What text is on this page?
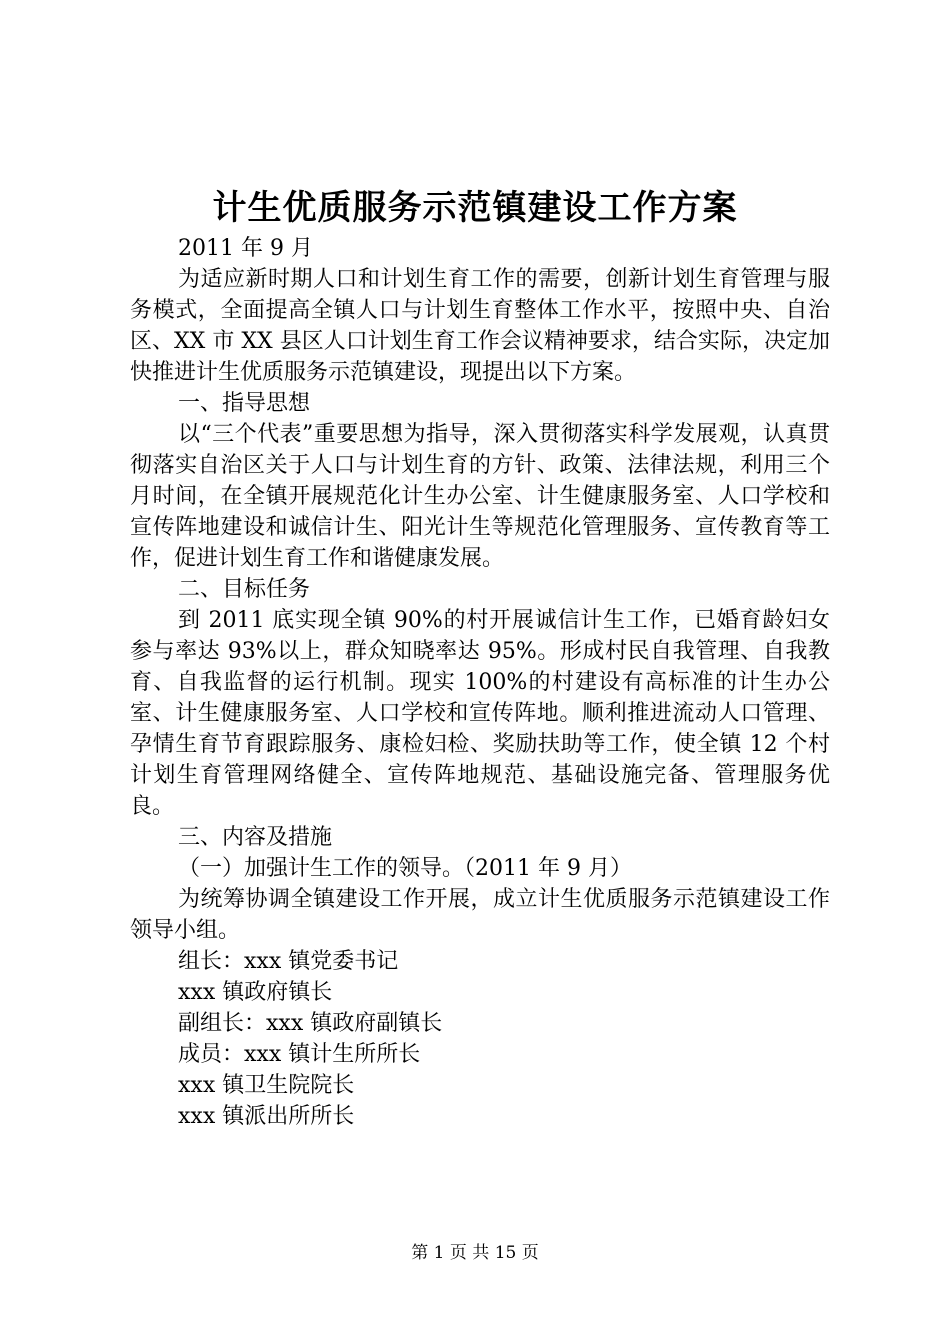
计生优质服务示范镇建设工作方案

2011 年 9 月

为适应新时期人口和计划生育工作的需要，创新计划生育管理与服务模式，全面提高全镇人口与计划生育整体工作水平，按照中央、自治区、XX 市 XX 县区人口计划生育工作会议精神要求，结合实际，决定加快推进计生优质服务示范镇建设，现提出以下方案。

一、指导思想

以“三个代表”重要思想为指导，深入贯彻落实科学发展观，认真贯彻落实自治区关于人口与计划生育的方针、政策、法律法规，利用三个月时间，在全镇开展规范化计生办公室、计生健康服务室、人口学校和宣传阵地建设和诚信计生、阳光计生等规范化管理服务、宣传教育等工作，促进计划生育工作和谐健康发展。

二、目标任务

到 2011 底实现全镇 90%的村开展诚信计生工作，已婚育龄妇女参与率达 93%以上，群众知晓率达 95%。形成村民自我管理、自我教育、自我监督的运行机制。现实 100%的村建设有高标准的计生办公室、计生健康服务室、人口学校和宣传阵地。顺利推进流动人口管理、孕情生育节育跟踪服务、康检妇检、奖励扶助等工作，使全镇 12 个村计划生育管理网络健全、宣传阵地规范、基础设施完备、管理服务优良。

三、内容及措施

（一）加强计生工作的领导。（2011 年 9 月）

为统筹协调全镇建设工作开展，成立计生优质服务示范镇建设工作领导小组。

组长：xxx 镇党委书记

xxx 镇政府镇长

副组长：xxx 镇政府副镇长

成员：xxx 镇计生所所长

xxx 镇卫生院院长

xxx 镇派出所所长

第 1 页 共 15 页
